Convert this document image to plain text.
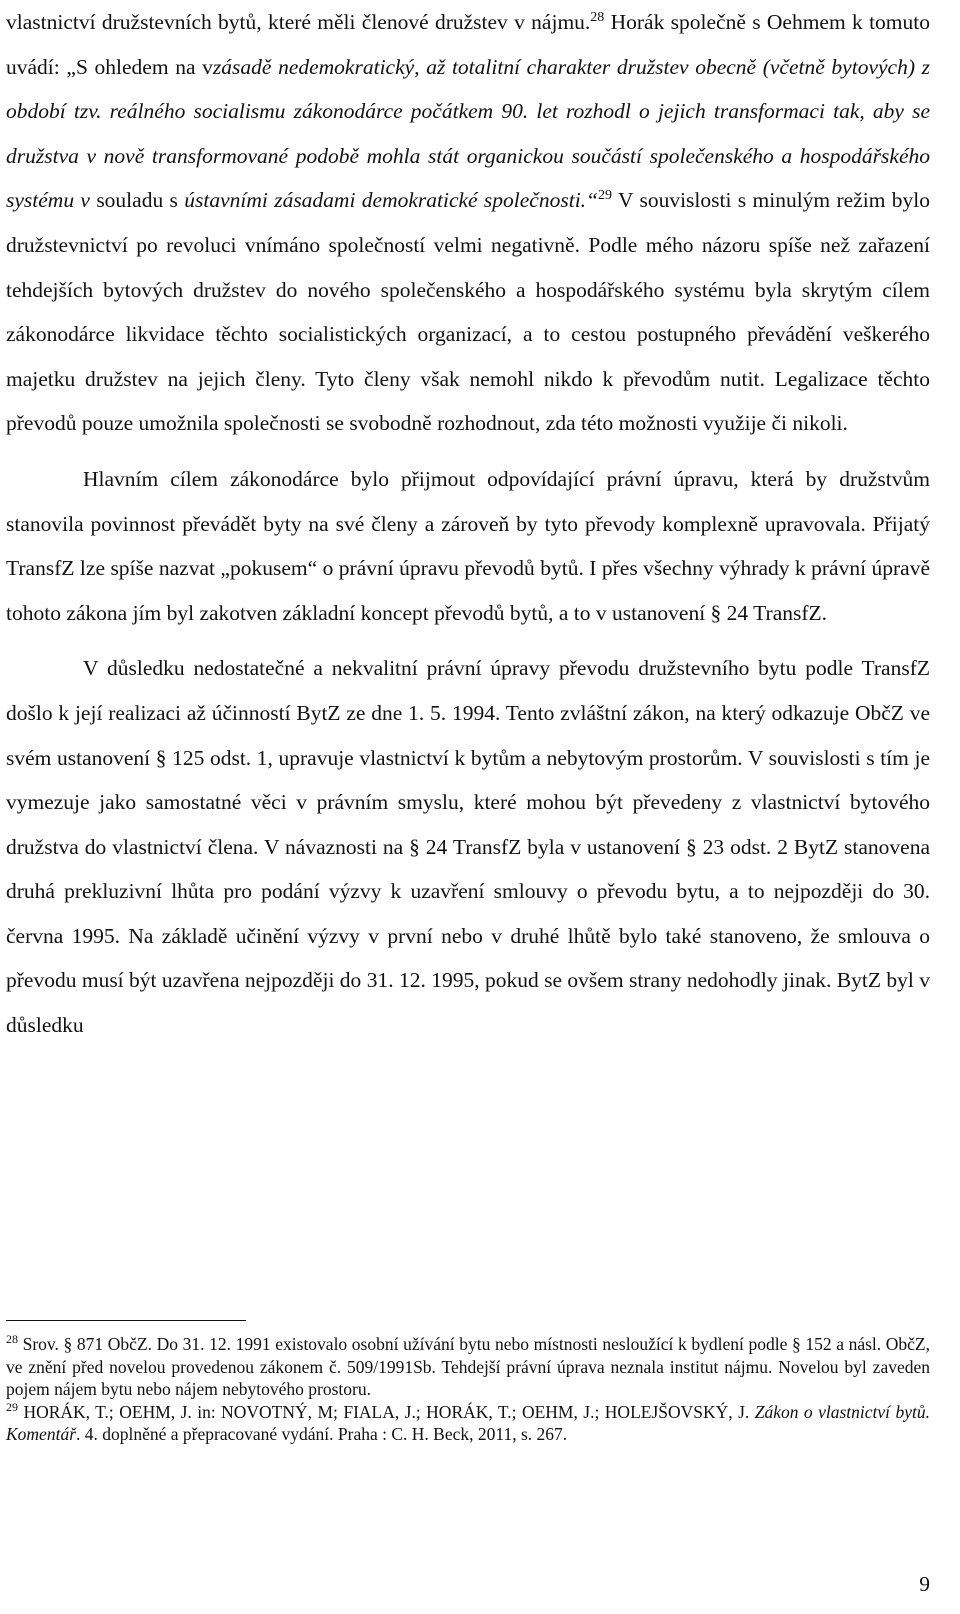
vlastnictví družstevních bytů, které měli členové družstev v nájmu.$^{28}$ Horák společně s Oehmem k tomuto uvádí: „S ohledem na vzásadě nedemokratický, až totalitní charakter družstev obecně (včetně bytových) z období tzv. reálného socialismu zákonodárce počátkem 90. let rozhodl o jejich transformaci tak, aby se družstva v nově transformované podobě mohla stát organickou součástí společenského a hospodářského systému v souladu s ústavními zásadami demokratické společnosti.“$^{29}$ V souvislosti s minulým režim bylo družstevnictví po revoluci vnímáno společností velmi negativně. Podle mého názoru spíše než zařazení tehdejších bytových družstev do nového společenského a hospodářského systému byla skrytým cílem zákonodárce likvidace těchto socialistických organizací, a to cestou postupného převádění veškerého majetku družstev na jejich členy. Tyto členy však nemohl nikdo k převodům nutit. Legalizace těchto převodů pouze umožnila společnosti se svobodně rozhodnout, zda této možnosti využije či nikoli.

Hlavním cílem zákonodárce bylo přijmout odpovídající právní úpravu, která by družstvům stanovila povinnost převádět byty na své členy a zároveň by tyto převody komplexně upravovala. Přijatý TransfZ lze spíše nazvat „pokusem“ o právní úpravu převodů bytů. I přes všechny výhrady k právní úpravě tohoto zákona jím byl zakotven základní koncept převodů bytů, a to v ustanovení § 24 TransfZ.

V důsledku nedostatečné a nekvalitní právní úpravy převodu družstevního bytu podle TransfZ došlo k její realizaci až účinností BytZ ze dne 1. 5. 1994. Tento zvláštní zákon, na který odkazuje ObčZ ve svém ustanovení § 125 odst. 1, upravuje vlastnictví k bytům a nebytovým prostorům. V souvislosti s tím je vymezuje jako samostatné věci v právním smyslu, které mohou být převedeny z vlastnictví bytového družstva do vlastnictví člena. V návaznosti na § 24 TransfZ byla v ustanovení § 23 odst. 2 BytZ stanovena druhá prekluzivní lhůta pro podání výzvy k uzavření smlouvy o převodu bytu, a to nejpozději do 30. června 1995. Na základě učinění výzvy v první nebo v druhé lhůtě bylo také stanoveno, že smlouva o převodu musí být uzavřena nejpozději do 31. 12. 1995, pokud se ovšem strany nedohodly jinak. BytZ byl v důsledku

$^{28}$ Srov. § 871 ObčZ. Do 31. 12. 1991 existovalo osobní užívání bytu nebo místnosti nesloužící k bydlení podle § 152 a násl. ObčZ, ve znění před novelou provedenou zákonem č. 509/1991Sb. Tehdejší právní úprava neznala institut nájmu. Novelou byl zaveden pojem nájem bytu nebo nájem nebytového prostoru.

$^{29}$ HORÁK, T.; OEHM, J. in: NOVOTNÝ, M; FIALA, J.; HORÁK, T.; OEHM, J.; HOLEJŠOVSKÝ, J. Zákon o vlastnictví bytů. Komentář. 4. doplněné a přepracované vydání. Praha : C. H. Beck, 2011, s. 267.

9
